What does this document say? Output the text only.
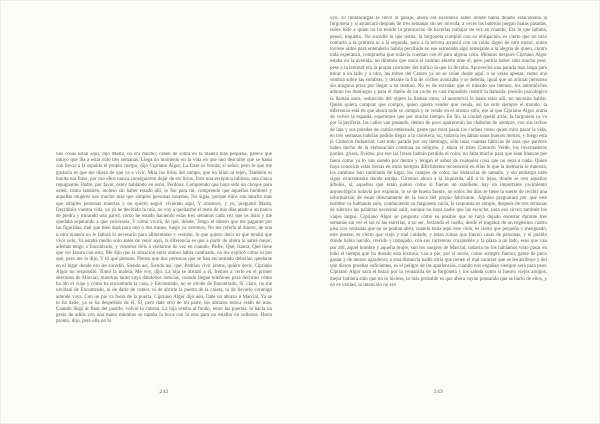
Sus cosas están aquí, dijo Marta, no era mucho, caben de sobra en la maleta más pequeña, parece que intuyó que iba a estar sólo tres semanas, Llega un momento en la vida en que uno descubre que se basta con llevar a la espalda el propio cuerpo, dijo Cipriano Algor, La frase es bonita, sí señor, pero lo que me gustaría es que me dijera de qué va a vivir, Mira los lirios del campo, que no hilan ni tejen, También es bonita esa frase, por eso ellos nunca consiguieron dejar de ser lirios, Eres una escéptica rabiosa, una cínica repugnante, Padre, por favor, estoy hablando en serio, Perdona, Comprendo que haya sido un choque para usted, como también, incluso sin haber estado allí, lo fue para mí, comprendo que aquellos hombres y aquellas mujeres son mucho más que simples personas muertas, No sigas, porque ellos son mucho más que simples personas muertas y no quiero seguir viviendo aquí, Y nosotros, y yo, preguntó Marta, Decidiréis vuestra vida, yo ya he decidido la mía, no voy a quedarme el resto de mis días atado a un banco de piedra y mirando una pared, como he estado haciendo estas tres semanas cada vez que os ibais y me quedaba esperando a que volvieseis, Y cómo vivirá, de qué, dónde, Tengo el dinero que me pagaron por las figurillas, mal que bien dará para uno o dos meses, luego ya veremos, No me refería al dinero, de una u otra manera no le faltará lo necesario para alimentarse y vestirse, lo que quiero decir es que tendrá que vivir solo, Ya estaba medio solo antes de venir aquí, la diferencia es que a partir de ahora lo sabré mejor, además tengo a Encontrado, y vosotros iréis a visitarme de vez en cuando, Padre, Qué, Isaura, Qué tiene que ver Isaura con esto, Me dijo que la situación entre ambos había cambiado, no me explicó cómo ni por qué, pero me lo dijo, Y tú qué piensas, Pienso que dos personas que se han encontrado deberían quedarse en el lugar donde eso les sucedió, Siendo así, Siendo así, qué, Podrían vivir juntos, quiero decir, Cipriano Algor no respondió. Tomó la maleta, Me voy, dijo. La hija se abrazó a él, Iremos a verle en el primer descanso de Marcial, mientras tanto vaya dándonos noticias, cuando llegue telefonee para decirnos cómo ha ido el viaje y cómo ha encontrado la casa, y Encontrado, no se olvide de Encontrado, Sí, claro, no me olvidaré de Encontrado, ni de darle de comer, ni de abrirle la puerta de la caseta, ni de llevarlo conmigo adonde vaya. Con un pie ya fuera de la puerta, Cipriano Algor dijo aún, Dale un abrazo a Marcial, Ya se lo ha dado, ya se ha despedido de él, Sí, pero dale otro de mi parte, los abrazos nunca están de más. Cuando llegó al final del pasillo, volvió la cabeza. La hija estaba al fondo, entre las puertas, le hacía un gesto de adiós con una mano mientras se tapaba la boca con la otra para no estallar en sollozos. Hasta pronto, dijo, pero ella no lo

242

oyó. El montacargas le llevó al garaje, ahora era necesario saber dónde había dejado estacionada la furgoneta y si arrancará después de tres semanas sin ser movida, a veces las baterías juegan malas pasadas, sobre todo a quien no ha tenido la precaución de hacerlas trabajar de vez en cuando, Era lo que faltaba, pensó, inquieto. No sucedió lo que temía, la furgoneta cumplió con su obligación, es cierto que no hizo contacto a la primera ni a la segunda, pero a la tercera arrancó con un ruido digno de otro motor, quien tuviese oídos para entenderlo habría percibido en ese estruendo algo semejante a la alegría de quien, contra toda esperanza, comprueba que todavía cuentan con él para alguna cosa. Minutos después Cipriano Algor estaba en la avenida, no diremos que tenía el camino abierto ante él, pero podría haber sido mucho peor, pese a la lentitud era la propia corriente del tráfico la que lo llevaba. Aprovechó una parada más larga para mirar a un lado y a otro, las torres del Centro ya no se veían desde aquí, o se veían apenas, como una sombra sobre las sombras, y delante la fila de coches avanzaba y se detenía, igual que un animal perezoso sin ninguna prisa por llegar a su destino. No es de extrañar que el tránsito sea intenso, los automóviles adoran los domingos y para el dueño de un coche es casi imposible resistir la llamada, presión psicológica la llaman unos, seducción del objeto la llaman otros, al automóvil le basta estar allí, no necesita hablar. Quien quiera comprar que compre, quien quiera vender que venda, así ha sido siempre el mundo, la diferencia está en que ahora todo se compra y se vende en el mismo sitio, ese al que Cipriano Algor acaba de volver la espalda, esperemos que por mucho tiempo. En fin, la ciudad quedó atrás, la furgoneta ya va por la periferia, las calles van pasando, dentro de poco aparecerán las chabolas de siempre, con sus techos de lata y sus paredes de cartón embreado, gente que mira pasar los coches como quien mira pasar la vida, en tres semanas habrían podido llegar a la carretera, no, todavía les faltan unos buenos metros, y luego está el Cinturón Industrial, casi todo parado por ser domingo, sólo unas cuantas fábricas de esas que parecen haber hecho de la elaboración continua su religión, y ahora el triste Cinturón Verde, los invernaderos pardos, grises, lívidos, por eso las fresas habrán perdido el color, no falta mucho para que sean blancas por fuera como ya lo van siendo por dentro y tengan el sabor de cualquier cosa que no sepa a nada. Quien haya conocido estas tierras en otros tiempos difícilmente reconocerá en ellas lo que la memoria le muestra, los caminos han cambiado de lugar, los campos de color, las distancias de tamaño, y sin embargo todo sigue exactamente donde estaba. Giremos ahora a la izquierda, allí a lo lejos, donde se ven aquellos árboles, sí, aquellos que están juntos como si fueran un ramillete, hay un importante yacimiento arqueológico todavía por explorar, lo sé de buena fuente, no todos los días se tiene la suerte de recibir una información de estas directamente de la boca del propio fabricante. Alguien preguntará por qué este hombre va hablando solo, conduciendo su furgoneta vacía, la respuesta es simple, después de tres semanas de silencio las palabras necesitan salir, aunque no haya nadie que las escuche, para eso sirven también los viajes largos. Cipriano Algor se pregunta cómo es posible que se haya dejado encerrar durante tres semanas sin ver el sol ni las estrellas, a no ser, forzando el cuello, desde el tragaluz de un trigésimo cuarto piso con ventanas que no se podían abrir, cuando tenía aquí este cielo, es cierto que pequeño y menguado, este puente, es cierto que viejo y mal cuidado, y estas ruinas que fueron casas de personas, y el pueblo donde había nacido, crecido y trabajado, con sus carreteras cruzándolo y la plaza a un lado, esos que van por allí, aquel hombre y aquella mujer, son los suegros de Marcial, todavía no los habíamos visto pasar en todo el tiempo que ha durado esta historia, van a pie, por el arcén, como siempre fueron, gente de poco gastar y de menos agradecer, a esta distancia nadie diría que tienen el mal carácter que se les atribuye y del que dieron pruebas suficientes, es el peligro de las apariencias, cuando nos engañan siempre será para peor. Cipriano Algor saca el brazo por la ventanilla de la furgoneta y los saluda como si fuesen viejos amigos, mejor hubiera sido que no lo hiciese, lo más probable es que ahora vayan pensando que se burló de ellos, y no es verdad, la intención no era

243
